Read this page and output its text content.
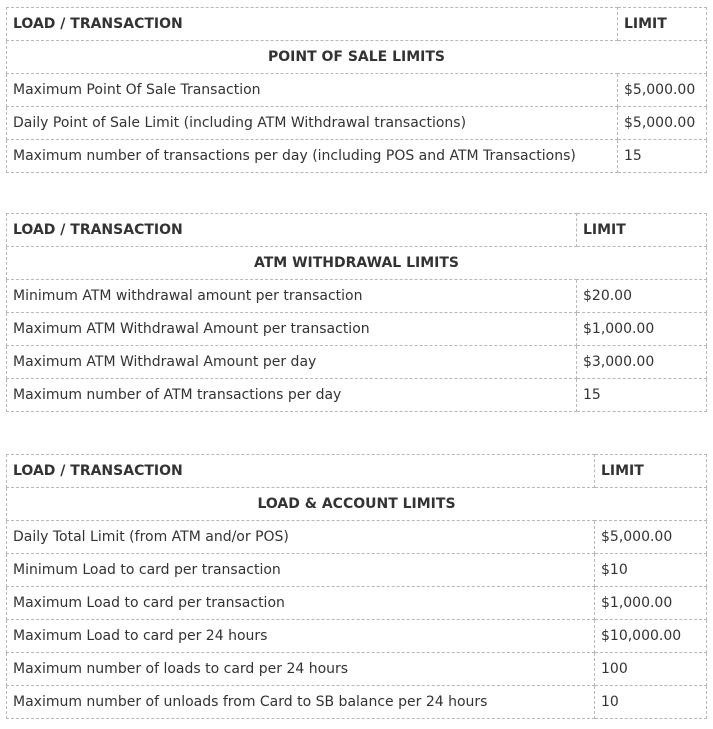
LOAD / TRANSACTION	LIMIT
POINT OF SALE LIMITS	
Maximum Point Of Sale Transaction	$5,000.00
Daily Point of Sale Limit (including ATM Withdrawal transactions)	$5,000.00
Maximum number of transactions per day (including POS and ATM Transactions)	15
LOAD / TRANSACTION	LIMIT
ATM WITHDRAWAL LIMITS	
Minimum ATM withdrawal amount per transaction	$20.00
Maximum ATM Withdrawal Amount per transaction	$1,000.00
Maximum ATM Withdrawal Amount per day	$3,000.00
Maximum number of ATM transactions per day	15
LOAD / TRANSACTION	LIMIT
LOAD & ACCOUNT LIMITS	
Daily Total Limit (from ATM and/or POS)	$5,000.00
Minimum Load to card per transaction	$10
Maximum Load to card per transaction	$1,000.00
Maximum Load to card per 24 hours	$10,000.00
Maximum number of loads to card per 24 hours	100
Maximum number of unloads from Card to SB balance per 24 hours	10
